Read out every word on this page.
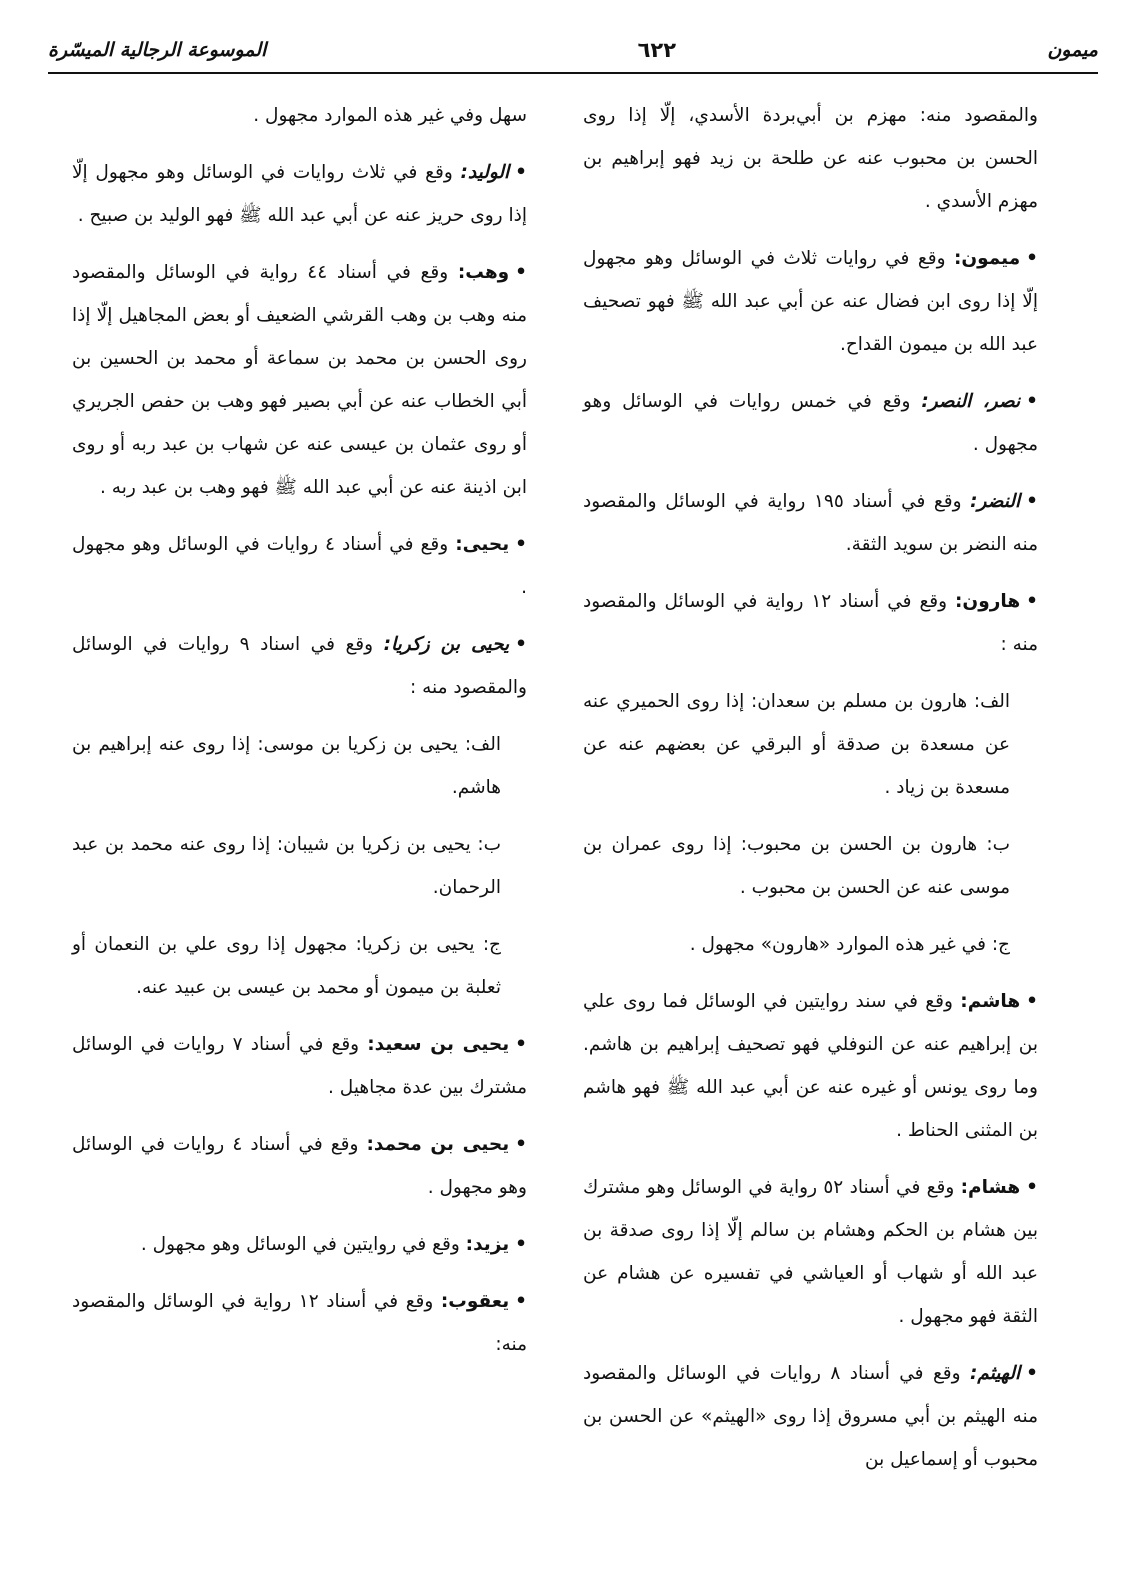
ميمون
٦٢٢
الموسوعة الرجالية الميسّرة

والمقصود منه: مهزم بن أبي‌بردة الأسدي، إلّا إذا روى الحسن بن محبوب عنه عن طلحة بن زيد فهو إبراهيم بن مهزم الأسدي .

•ميمون: وقع في روايات ثلاث في الوسائل وهو مجهول إلّا إذا روى ابن فضال عنه عن أبي عبد الله ﷺ فهو تصحيف عبد الله بن ميمون القداح.

•نصر، النصر: وقع في خمس روايات في الوسائل وهو مجهول .

•النضر: وقع في أسناد ١٩٥ رواية في الوسائل والمقصود منه النضر بن سويد الثقة.

•هارون: وقع في أسناد ١٢ رواية في الوسائل والمقصود منه :

الف: هارون بن مسلم بن سعدان: إذا روى الحميري عنه عن مسعدة بن صدقة أو البرقي عن بعضهم عنه عن مسعدة بن زياد .

ب: هارون بن الحسن بن محبوب: إذا روى عمران بن موسى عنه عن الحسن بن محبوب .

ج: في غير هذه الموارد «هارون» مجهول .

•هاشم: وقع في سند روايتين في الوسائل فما روى علي بن إبراهيم عنه عن النوفلي فهو تصحيف إبراهيم بن هاشم. وما روى يونس أو غيره عنه عن أبي عبد الله ﷺ فهو هاشم بن المثنى الحناط .

•هشام: وقع في أسناد ٥٢ رواية في الوسائل وهو مشترك بين هشام بن الحكم وهشام بن سالم إلّا إذا روى صدقة بن عبد الله أو شهاب أو العياشي في تفسيره عن هشام عن الثقة فهو مجهول .

•الهيثم: وقع في أسناد ٨ روايات في الوسائل والمقصود منه الهيثم بن أبي مسروق إذا روى «الهيثم» عن الحسن بن محبوب أو إسماعيل بن

سهل وفي غير هذه الموارد مجهول .

•الوليد: وقع في ثلاث روايات في الوسائل وهو مجهول إلّا إذا روى حريز عنه عن أبي عبد الله ﷺ فهو الوليد بن صبيح .

•وهب: وقع في أسناد ٤٤ رواية في الوسائل والمقصود منه وهب بن وهب القرشي الضعيف أو بعض المجاهيل إلّا إذا روى الحسن بن محمد بن سماعة أو محمد بن الحسين بن أبي الخطاب عنه عن أبي بصير فهو وهب بن حفص الجريري أو روى عثمان بن عيسى عنه عن شهاب بن عبد ربه أو روى ابن اذينة عنه عن أبي عبد الله ﷺ فهو وهب بن عبد ربه .

•يحيى: وقع في أسناد ٤ روايات في الوسائل وهو مجهول .

•يحيى بن زكريا: وقع في اسناد ٩ روايات في الوسائل والمقصود منه :

الف: يحيى بن زكريا بن موسى: إذا روى عنه إبراهيم بن هاشم.

ب: يحيى بن زكريا بن شيبان: إذا روى عنه محمد بن عبد الرحمان.

ج: يحيى بن زكريا: مجهول إذا روى علي بن النعمان أو ثعلبة بن ميمون أو محمد بن عيسى بن عبيد عنه.

•يحيى بن سعيد: وقع في أسناد ٧ روايات في الوسائل مشترك بين عدة مجاهيل .

•يحيى بن محمد: وقع في أسناد ٤ روايات في الوسائل وهو مجهول .

•يزيد: وقع في روايتين في الوسائل وهو مجهول .

•يعقوب: وقع في أسناد ١٢ رواية في الوسائل والمقصود منه:
